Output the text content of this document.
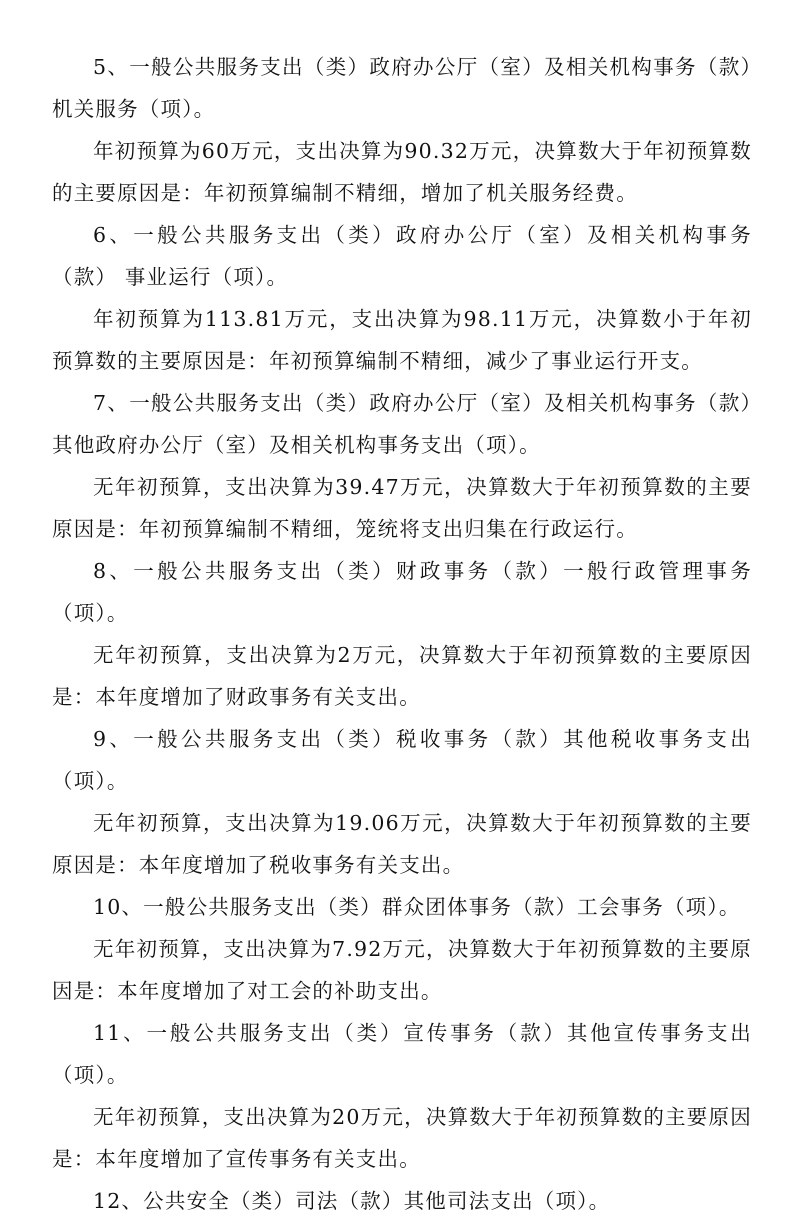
5、一般公共服务支出（类）政府办公厅（室）及相关机构事务（款）机关服务（项）。

年初预算为60万元，支出决算为90.32万元，决算数大于年初预算数的主要原因是：年初预算编制不精细，增加了机关服务经费。

6、一般公共服务支出（类）政府办公厅（室）及相关机构事务（款） 事业运行（项）。

年初预算为113.81万元，支出决算为98.11万元，决算数小于年初预算数的主要原因是：年初预算编制不精细，减少了事业运行开支。

7、一般公共服务支出（类）政府办公厅（室）及相关机构事务（款）其他政府办公厅（室）及相关机构事务支出（项）。

无年初预算，支出决算为39.47万元，决算数大于年初预算数的主要原因是：年初预算编制不精细，笼统将支出归集在行政运行。

8、一般公共服务支出（类）财政事务（款）一般行政管理事务（项）。

无年初预算，支出决算为2万元，决算数大于年初预算数的主要原因是：本年度增加了财政事务有关支出。

9、一般公共服务支出（类）税收事务（款）其他税收事务支出（项）。

无年初预算，支出决算为19.06万元，决算数大于年初预算数的主要原因是：本年度增加了税收事务有关支出。

10、一般公共服务支出（类）群众团体事务（款）工会事务（项）。

无年初预算，支出决算为7.92万元，决算数大于年初预算数的主要原因是：本年度增加了对工会的补助支出。

11、一般公共服务支出（类）宣传事务（款）其他宣传事务支出（项）。

无年初预算，支出决算为20万元，决算数大于年初预算数的主要原因是：本年度增加了宣传事务有关支出。

12、公共安全（类）司法（款）其他司法支出（项）。
